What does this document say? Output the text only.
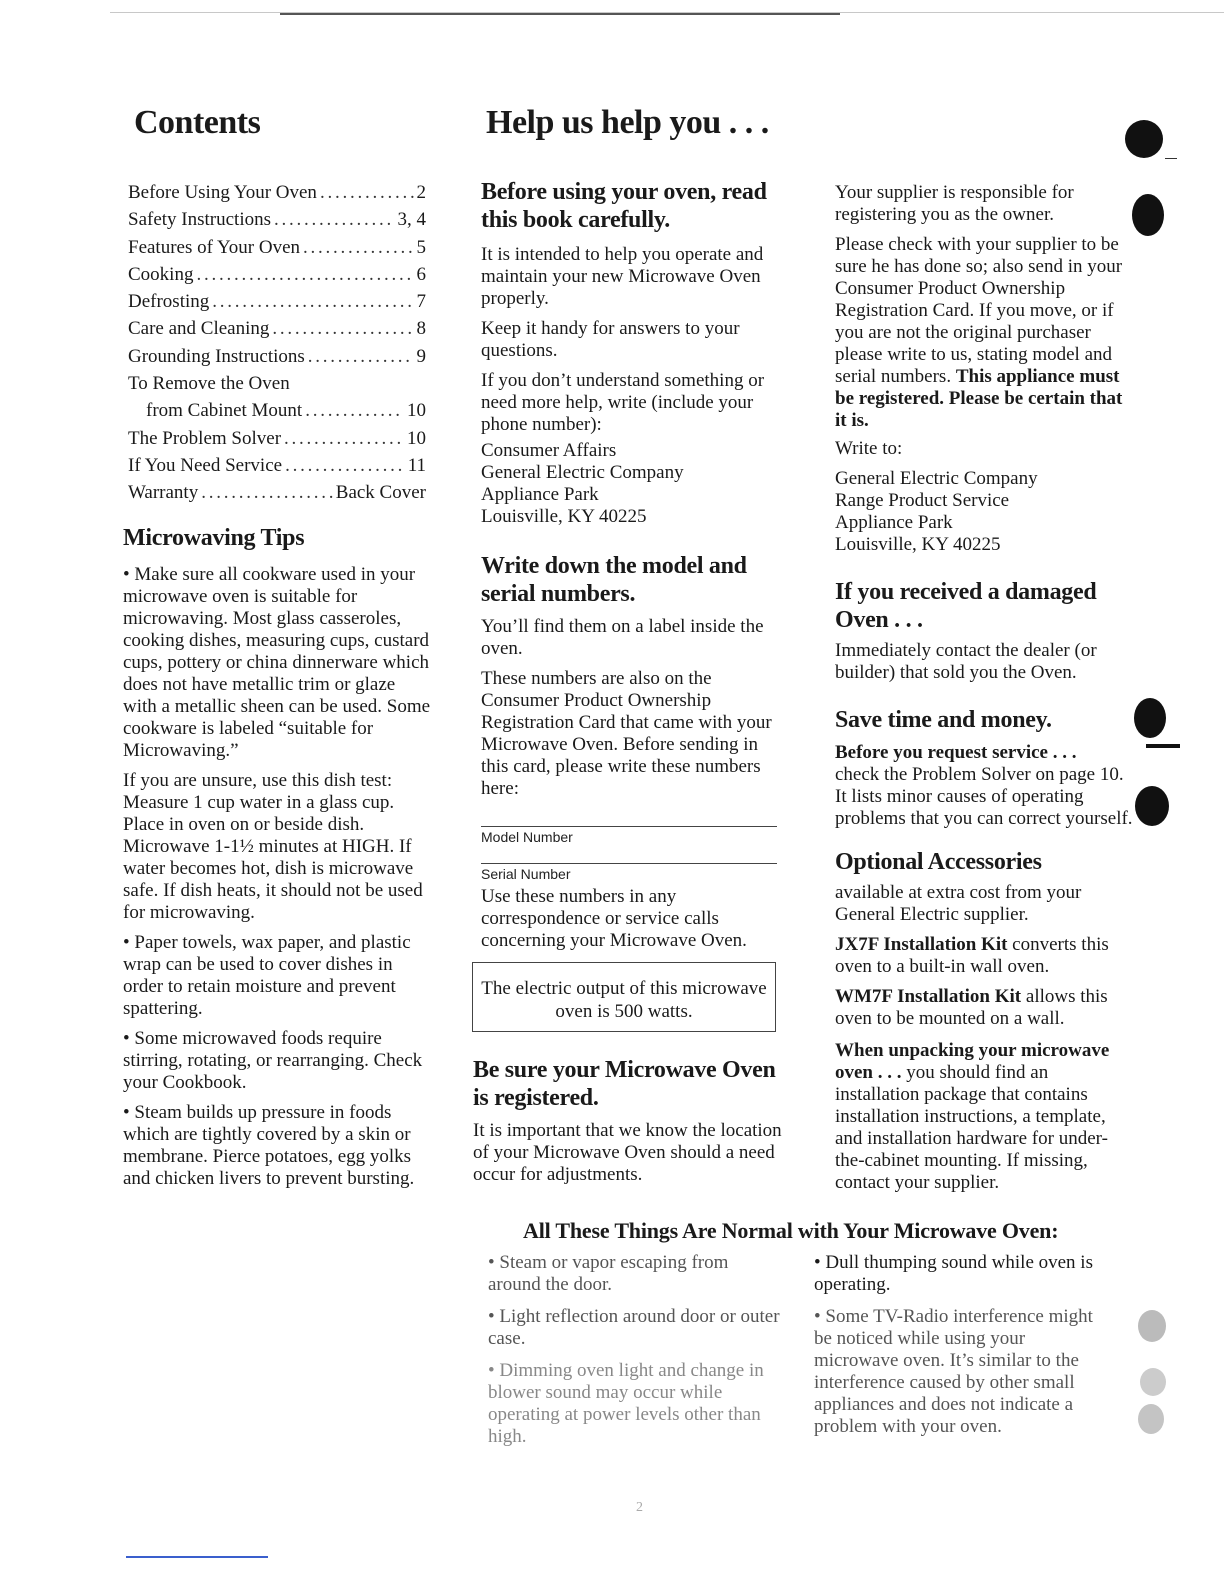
Contents
Before Using Your Oven . . .	2
Safety Instructions . . .	3, 4
Features of Your Oven . . .	5
Cooking . . .	6
Defrosting . . .	7
Care and Cleaning . . .	8
Grounding Instructions . . .	9
To Remove the Oven
from Cabinet Mount . . .	10
The Problem Solver . . .	10
If You Need Service . . .	11
Warranty . . .	Back Cover
Microwaving Tips

• Make sure all cookware used in your microwave oven is suitable for microwaving. Most glass casseroles, cooking dishes, measuring cups, custard cups, pottery or china dinnerware which does not have metallic trim or glaze with a metallic sheen can be used. Some cookware is labeled “suitable for Microwaving.”

If you are unsure, use this dish test: Measure 1 cup water in a glass cup. Place in oven on or beside dish. Microwave 1-1½ minutes at HIGH. If water becomes hot, dish is microwave safe. If dish heats, it should not be used for microwaving.

• Paper towels, wax paper, and plastic wrap can be used to cover dishes in order to retain moisture and prevent spattering.

• Some microwaved foods require stirring, rotating, or rearranging. Check your Cookbook.

• Steam builds up pressure in foods which are tightly covered by a skin or membrane. Pierce potatoes, egg yolks and chicken livers to prevent bursting.

Help us help you . . .
Before using your oven, read this book carefully.

It is intended to help you operate and maintain your new Microwave Oven properly.

Keep it handy for answers to your questions.

If you don’t understand something or need more help, write (include your phone number):

Consumer Affairs
General Electric Company
Appliance Park
Louisville, KY 40225
Write down the model and serial numbers.

You’ll find them on a label inside the oven.

These numbers are also on the Consumer Product Ownership Registration Card that came with your Microwave Oven. Before sending in this card, please write these numbers here:

Model Number
Serial Number

Use these numbers in any correspondence or service calls concerning your Microwave Oven.

The electric output of this microwave oven is 500 watts.
Be sure your Microwave Oven is registered.

It is important that we know the location of your Microwave Oven should a need occur for adjustments.

Your supplier is responsible for registering you as the owner.

Please check with your supplier to be sure he has done so; also send in your Consumer Product Ownership Registration Card. If you move, or if you are not the original purchaser please write to us, stating model and serial numbers. This appliance must be registered. Please be certain that it is.

Write to:
General Electric Company
Range Product Service
Appliance Park
Louisville, KY 40225
If you received a damaged Oven . . .

Immediately contact the dealer (or builder) that sold you the Oven.

Save time and money.
Before you request service . . .

check the Problem Solver on page 10. It lists minor causes of operating problems that you can correct yourself.

Optional Accessories

available at extra cost from your General Electric supplier.

JX7F Installation Kit converts this oven to a built-in wall oven.

WM7F Installation Kit allows this oven to be mounted on a wall.

When unpacking your microwave oven . . . you should find an installation package that contains installation instructions, a template, and installation hardware for under-the-cabinet mounting. If missing, contact your supplier.

All These Things Are Normal with Your Microwave Oven:

• Steam or vapor escaping from around the door.

• Light reflection around door or outer case.

• Dimming oven light and change in blower sound may occur while operating at power levels other than high.

• Dull thumping sound while oven is operating.

• Some TV-Radio interference might be noticed while using your microwave oven. It’s similar to the interference caused by other small appliances and does not indicate a problem with your oven.

2
